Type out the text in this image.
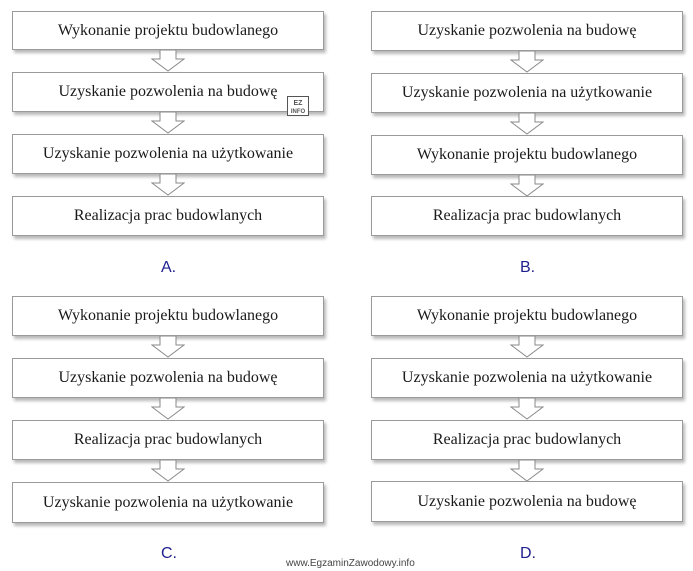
Wykonanie projektu budowlanego
Uzyskanie pozwolenia na budowę
Uzyskanie pozwolenia na użytkowanie
Realizacja prac budowlanych
A.
EZ
INFO
Uzyskanie pozwolenia na budowę
Uzyskanie pozwolenia na użytkowanie
Wykonanie projektu budowlanego
Realizacja prac budowlanych
B.
Wykonanie projektu budowlanego
Uzyskanie pozwolenia na budowę
Realizacja prac budowlanych
Uzyskanie pozwolenia na użytkowanie
C.
Wykonanie projektu budowlanego
Uzyskanie pozwolenia na użytkowanie
Realizacja prac budowlanych
Uzyskanie pozwolenia na budowę
D.
www.EgzaminZawodowy.info
